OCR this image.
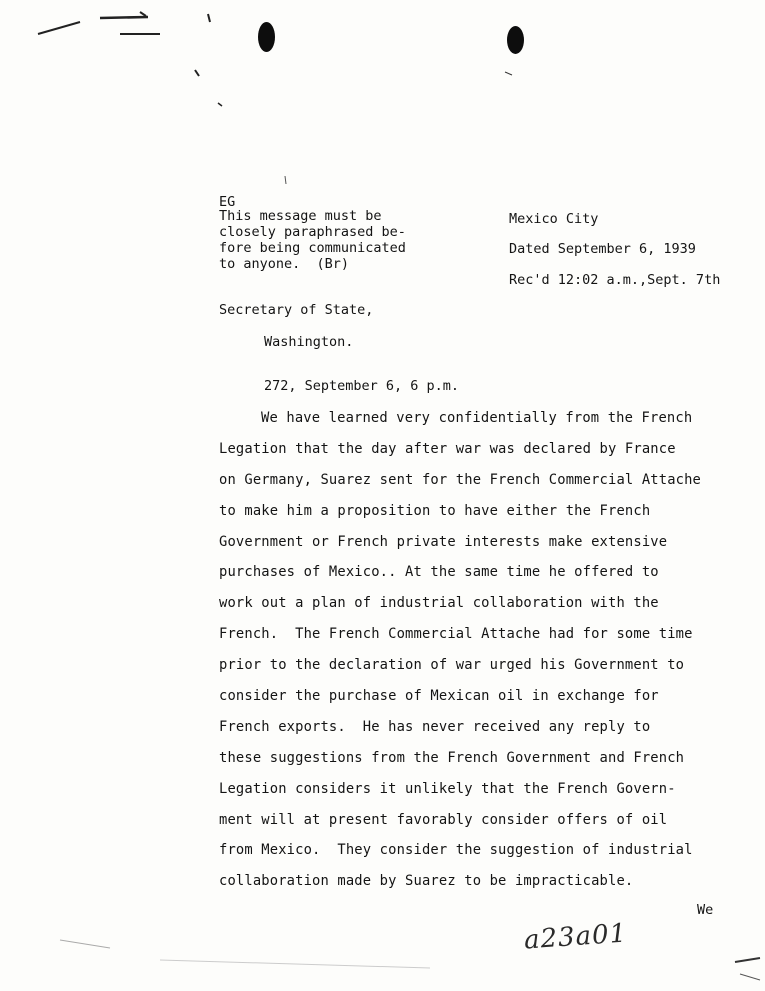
EG
This message must be
closely paraphrased be-
fore being communicated
to anyone.  (Br)
Mexico City
Dated September 6, 1939
Rec'd 12:02 a.m.,Sept. 7th
Secretary of State,
Washington.
272, September 6, 6 p.m.
We have learned very confidentially from the French
Legation that the day after war was declared by France
on Germany, Suarez sent for the French Commercial Attache
to make him a proposition to have either the French
Government or French private interests make extensive
purchases of Mexico.. At the same time he offered to
work out a plan of industrial collaboration with the
French.  The French Commercial Attache had for some time
prior to the declaration of war urged his Government to
consider the purchase of Mexican oil in exchange for
French exports.  He has never received any reply to
these suggestions from the French Government and French
Legation considers it unlikely that the French Govern-
ment will at present favorably consider offers of oil
from Mexico.  They consider the suggestion of industrial
collaboration made by Suarez to be impracticable.
We
a23a01
